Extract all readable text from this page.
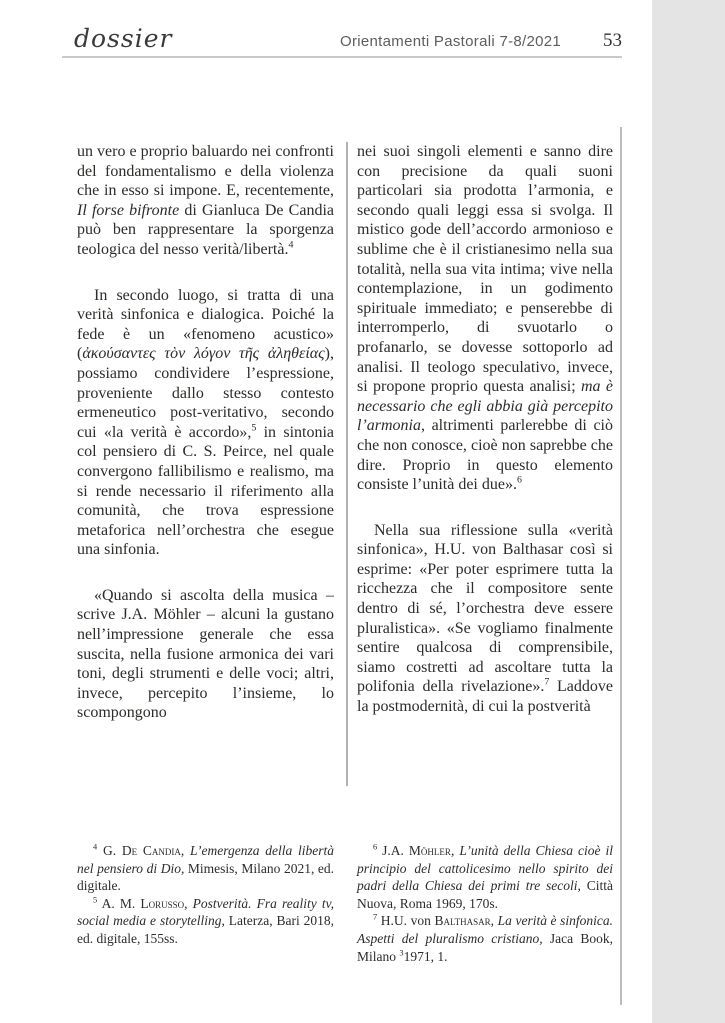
dossier	Orientamenti Pastorali 7-8/2021 53

un vero e proprio baluardo nei confronti del fondamentalismo e della violenza che in esso si impone. E, recentemente, Il forse bifronte di Gianluca De Candia può ben rappresentare la sporgenza teologica del nesso verità/libertà.$^4$

In secondo luogo, si tratta di una verità sinfonica e dialogica. Poiché la fede è un «fenomeno acustico» (ἀκούσαντες τὸν λόγον τῆς ἀληθείας), possiamo condividere l’espressione, proveniente dallo stesso contesto ermeneutico post-veritativo, secondo cui «la verità è accordo»,$^5$ in sintonia col pensiero di C. S. Peirce, nel quale convergono fallibilismo e realismo, ma si rende necessario il riferimento alla comunità, che trova espressione metaforica nell’orchestra che esegue una sinfonia.

«Quando si ascolta della musica – scrive J.A. Möhler – alcuni la gustano nell’impressione generale che essa suscita, nella fusione armonica dei vari toni, degli strumenti e delle voci; altri, invece, percepito l’insieme, lo scompongono

nei suoi singoli elementi e sanno dire con precisione da quali suoni particolari sia prodotta l’armonia, e secondo quali leggi essa si svolga. Il mistico gode dell’accordo armonioso e sublime che è il cristianesimo nella sua totalità, nella sua vita intima; vive nella contemplazione, in un godimento spirituale immediato; e penserebbe di interromperlo, di svuotarlo o profanarlo, se dovesse sottoporlo ad analisi. Il teologo speculativo, invece, si propone proprio questa analisi; ma è necessario che egli abbia già percepito l’armonia, altrimenti parlerebbe di ciò che non conosce, cioè non saprebbe che dire. Proprio in questo elemento consiste l’unità dei due».$^6$

Nella sua riflessione sulla «verità sinfonica», H.U. von Balthasar così si esprime: «Per poter esprimere tutta la ricchezza che il compositore sente dentro di sé, l’orchestra deve essere pluralistica». «Se vogliamo finalmente sentire qualcosa di comprensibile, siamo costretti ad ascoltare tutta la polifonia della rivelazione».$^7$ Laddove la postmodernità, di cui la postverità

$^4$ G. De Candia, L’emergenza della libertà nel pensiero di Dio, Mimesis, Milano 2021, ed. digitale.

$^5$ A. M. Lorusso, Postverità. Fra reality tv, social media e storytelling, Laterza, Bari 2018, ed. digitale, 155ss.

$^6$ J.A. Möhler, L’unità della Chiesa cioè il principio del cattolicesimo nello spirito dei padri della Chiesa dei primi tre secoli, Città Nuova, Roma 1969, 170s.

$^7$ H.U. von Balthasar, La verità è sinfonica. Aspetti del pluralismo cristiano, Jaca Book, Milano $^3$1971, 1.
